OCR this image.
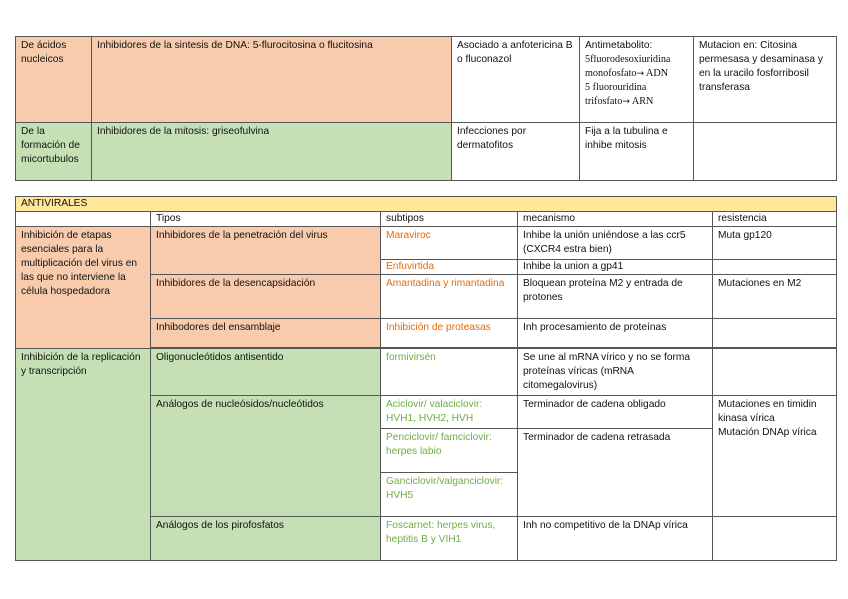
De ácidos nucleicos	Inhibidores de la sintesis de DNA: 5-flurocitosina o flucitosina	Asociado a anfotericina B o fluconazol	Antimetabolito:
5fluorodesoxiuridina
monofosfato→ ADN
5 fluorouridina
trifosfato→ ARN	Mutacion en: Citosina permesasa y desaminasa y en la uracilo fosforribosil transferasa
De la formación de micortubulos	Inhibidores de la mitosis: griseofulvina	Infecciones por dermatofitos	Fija a la tubulina e inhibe mitosis	
ANTIVIRALES				
	Tipos	subtipos	mecanismo	resistencia
Inhibición de etapas esenciales para la multiplicación del virus en las que no interviene la célula hospedadora	Inhibidores de la penetración del virus	Maraviroc	Inhibe la unión uniéndose a las ccr5 (CXCR4 estra bien)	Muta gp120
		Enfuvirtida	Inhibe la union a gp41	
	Inhibidores de la desencapsidación	Amantadina y rimantadina	Bloquean proteína M2 y entrada de protones	Mutaciones en M2
	Inhibodores del ensamblaje	Inhibición de proteasas	Inh procesamiento de proteínas	

Inhibición de la replicación y transcripción	Oligonucleótidos antisentido	formivirsén	Se une al mRNA vírico y no se forma proteínas víricas (mRNA citomegalovirus)	
	Análogos de nucleósidos/nucleótidos	Aciclovir/ valaciclovir: HVH1, HVH2, HVH	Terminador de cadena obligado	Mutaciones en timidin kinasa vírica
Mutación DNAp vírica

		Penciclovir/ famciclovir: herpes labio	Terminador de cadena retrasada	
		Ganciclovir/valganciclovir: HVH5		
	Análogos de los pirofosfatos	Foscarnet: herpes virus, heptitis B y VIH1	Inh no competitivo de la DNAp vírica	
